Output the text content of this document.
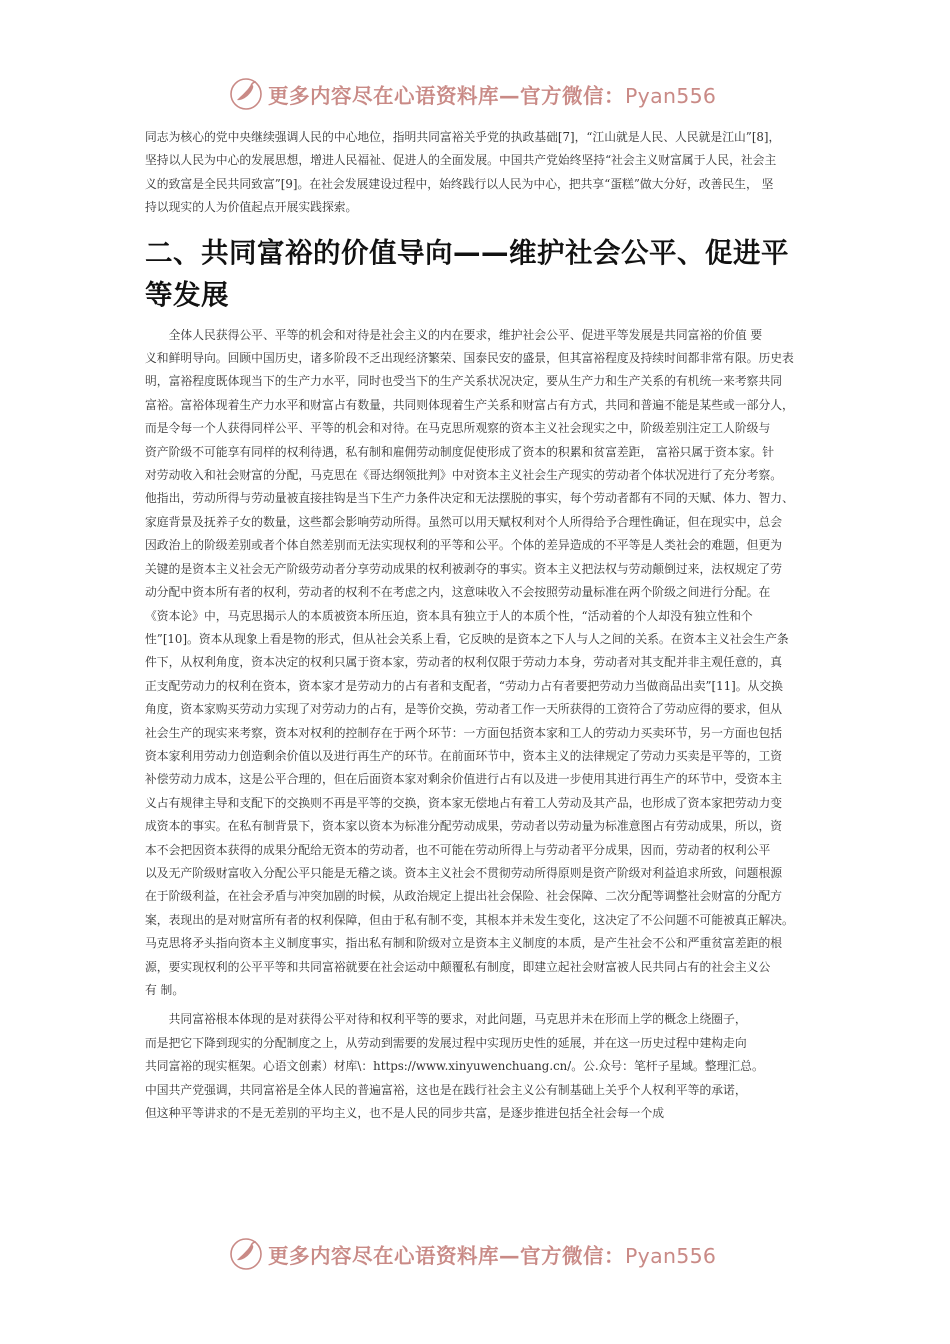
更多内容尽在心语资料库—官方微信：Pyan556
同志为核心的党中央继续强调人民的中心地位，指明共同富裕关乎党的执政基础[7]，“江山就是人民、人民就是江山”[8]，
坚持以人民为中心的发展思想，增进人民福祉、促进人的全面发展。中国共产党始终坚持“社会主义财富属于人民，社会主
义的致富是全民共同致富”[9]。在社会发展建设过程中，始终践行以人民为中心，把共享“蛋糕”做大分好，改善民生， 坚
持以现实的人为价值起点开展实践探索。
二、共同富裕的价值导向——维护社会公平、促进平
等发展
全体人民获得公平、平等的机会和对待是社会主义的内在要求，维护社会公平、促进平等发展是共同富裕的价值 要
义和鲜明导向。回顾中国历史，诸多阶段不乏出现经济繁荣、国泰民安的盛景，但其富裕程度及持续时间都非常有限。历史表
明，富裕程度既体现当下的生产力水平，同时也受当下的生产关系状况决定，要从生产力和生产关系的有机统一来考察共同
富裕。富裕体现着生产力水平和财富占有数量，共同则体现着生产关系和财富占有方式，共同和普遍不能是某些或一部分人，
而是令每一个人获得同样公平、平等的机会和对待。在马克思所观察的资本主义社会现实之中，阶级差别注定工人阶级与
资产阶级不可能享有同样的权利待遇，私有制和雇佣劳动制度促使形成了资本的积累和贫富差距， 富裕只属于资本家。针
对劳动收入和社会财富的分配，马克思在《哥达纲领批判》中对资本主义社会生产现实的劳动者个体状况进行了充分考察。
他指出，劳动所得与劳动量被直接挂钩是当下生产力条件决定和无法摆脱的事实，每个劳动者都有不同的天赋、体力、智力、
家庭背景及抚养子女的数量，这些都会影响劳动所得。虽然可以用天赋权利对个人所得给予合理性确证，但在现实中，总会
因政治上的阶级差别或者个体自然差别而无法实现权利的平等和公平。个体的差异造成的不平等是人类社会的难题，但更为
关键的是资本主义社会无产阶级劳动者分享劳动成果的权利被剥夺的事实。资本主义把法权与劳动颠倒过来，法权规定了劳
动分配中资本所有者的权利，劳动者的权利不在考虑之内，这意味收入不会按照劳动量标准在两个阶级之间进行分配。在
《资本论》中，马克思揭示人的本质被资本所压迫，资本具有独立于人的本质个性，“活动着的个人却没有独立性和个
性”[10]。资本从现象上看是物的形式，但从社会关系上看，它反映的是资本之下人与人之间的关系。在资本主义社会生产条
件下，从权利角度，资本决定的权利只属于资本家，劳动者的权利仅限于劳动力本身，劳动者对其支配并非主观任意的，真
正支配劳动力的权利在资本，资本家才是劳动力的占有者和支配者，“劳动力占有者要把劳动力当做商品出卖”[11]。从交换
角度，资本家购买劳动力实现了对劳动力的占有，是等价交换，劳动者工作一天所获得的工资符合了劳动应得的要求，但从
社会生产的现实来考察，资本对权利的控制存在于两个环节：一方面包括资本家和工人的劳动力买卖环节，另一方面也包括
资本家利用劳动力创造剩余价值以及进行再生产的环节。在前面环节中，资本主义的法律规定了劳动力买卖是平等的，工资
补偿劳动力成本，这是公平合理的，但在后面资本家对剩余价值进行占有以及进一步使用其进行再生产的环节中，受资本主
义占有规律主导和支配下的交换则不再是平等的交换，资本家无偿地占有着工人劳动及其产品，也形成了资本家把劳动力变
成资本的事实。在私有制背景下，资本家以资本为标准分配劳动成果，劳动者以劳动量为标准意图占有劳动成果，所以，资
本不会把因资本获得的成果分配给无资本的劳动者，也不可能在劳动所得上与劳动者平分成果，因而，劳动者的权利公平
以及无产阶级财富收入分配公平只能是无稽之谈。资本主义社会不贯彻劳动所得原则是资产阶级对利益追求所致，问题根源
在于阶级利益，在社会矛盾与冲突加剧的时候，从政治规定上提出社会保险、社会保障、二次分配等调整社会财富的分配方
案，表现出的是对财富所有者的权利保障，但由于私有制不变，其根本并未发生变化，这决定了不公问题不可能被真正解决。
马克思将矛头指向资本主义制度事实，指出私有制和阶级对立是资本主义制度的本质，是产生社会不公和严重贫富差距的根
源，要实现权利的公平平等和共同富裕就要在社会运动中颠覆私有制度，即建立起社会财富被人民共同占有的社会主义公
有 制。
共同富裕根本体现的是对获得公平对待和权利平等的要求，对此问题，马克思并未在形而上学的概念上绕圈子，
而是把它下降到现实的分配制度之上，从劳动到需要的发展过程中实现历史性的延展，并在这一历史过程中建构走向
共同富裕的现实框架。心语文创素）材库\：https://www.xinyuwenchuang.cn/。公.众号：笔杆子星域。整理汇总。
中国共产党强调，共同富裕是全体人民的普遍富裕，这也是在践行社会主义公有制基础上关乎个人权利平等的承诺，
但这种平等讲求的不是无差别的平均主义，也不是人民的同步共富，是逐步推进包括全社会每一个成
更多内容尽在心语资料库—官方微信：Pyan556
